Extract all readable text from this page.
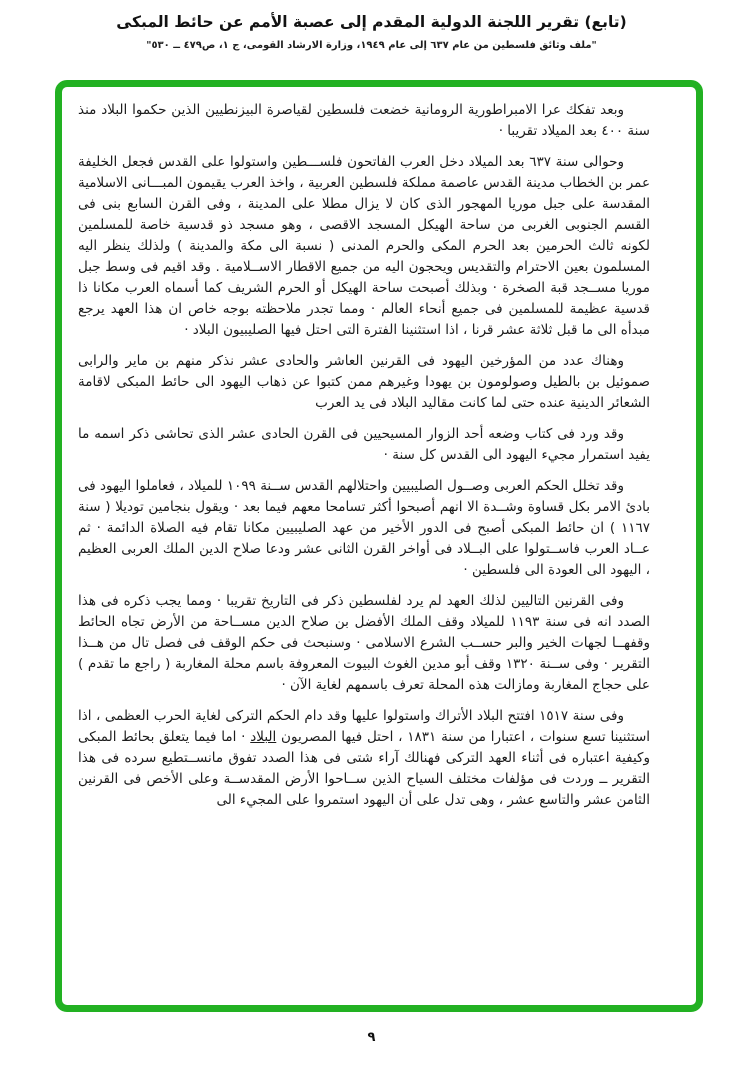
(تابع) تقرير اللجنة الدولية المقدم إلى عصبة الأمم عن حائط المبكى
"ملف وثائق فلسطين من عام ٦٣٧ إلى عام ١٩٤٩، وزارة الارشاد القومى، ج ١، ص٤٧٩ ــ ٥٣٠"

وبعد تفكك عرا الامبراطورية الرومانية خضعت فلسطين لقياصرة البيزنطيين الذين حكموا البلاد منذ سنة ٤٠٠ بعد الميلاد تقريبا ·

وحوالى سنة ٦٣٧ بعد الميلاد دخل العرب الفاتحون فلســـطين واستولوا على القدس فجعل الخليفة عمر بن الخطاب مدينة القدس عاصمة مملكة فلسطين العربية ، واخذ العرب يقيمون المبـــانى الاسلامية المقدسة على جبل موريا المهجور الذى كان لا يزال مطلا على المدينة ، وفى القرن السابع بنى فى القسم الجنوبى الغربى من ساحة الهيكل المسجد الاقصى ، وهو مسجد ذو قدسية خاصة للمسلمين لكونه ثالث الحرمين بعد الحرم المكى والحرم المدنى ( نسبة الى مكة والمدينة ) ولذلك ينظر اليه المسلمون بعين الاحترام والتقديس ويحجون اليه من جميع الاقطار الاســلامية . وقد اقيم فى وسط جبل موريا مســجد قبة الصخرة · وبذلك أصبحت ساحة الهيكل أو الحرم الشريف كما أسماه العرب مكانا ذا قدسية عظيمة للمسلمين فى جميع أنحاء العالم · ومما تجدر ملاحظته بوجه خاص ان هذا العهد يرجع مبدأه الى ما قبل ثلاثة عشر قرنا ، اذا استثنينا الفترة التى احتل فيها الصليبيون البلاد ·

وهناك عدد من المؤرخين اليهود فى القرنين العاشر والحادى عشر نذكر منهم بن ماير والرابى صموئيل بن بالطيل وصولومون بن يهودا وغيرهم ممن كتبوا عن ذهاب اليهود الى حائط المبكى لاقامة الشعائر الدينية عنده حتى لما كانت مقاليد البلاد فى يد العرب

وقد ورد فى كتاب وضعه أحد الزوار المسيحيين فى القرن الحادى عشر الذى تحاشى ذكر اسمه ما يفيد استمرار مجيء اليهود الى القدس كل سنة ·

وقد تخلل الحكم العربى وصــول الصليبيين واحتلالهم القدس ســنة ١٠٩٩ للميلاد ، فعاملوا اليهود فى بادئ الامر بكل قساوة وشــدة الا انهم أصبحوا أكثر تسامحا معهم فيما بعد · ويقول بنجامين توديلا ( سنة ١١٦٧ ) ان حائط المبكى أصبح فى الدور الأخير من عهد الصليبيين مكانا تقام فيه الصلاة الدائمة · ثم عــاد العرب فاســتولوا على البــلاد فى أواخر القرن الثانى عشر ودعا صلاح الدين الملك العربى العظيم ، اليهود الى العودة الى فلسطين ·

وفى القرنين التاليين لذلك العهد لم يرد لفلسطين ذكر فى التاريخ تقريبا · ومما يجب ذكره فى هذا الصدد انه فى سنة ١١٩٣ للميلاد وقف الملك الأفضل بن صلاح الدين مســاحة من الأرض تجاه الحائط وقفهــا لجهات الخير والبر حســب الشرع الاسلامى · وسنبحث فى حكم الوقف فى فصل تال من هــذا التقرير · وفى ســنة ١٣٢٠ وقف أبو مدين الغوث البيوت المعروفة باسم محلة المغاربة ( راجع ما تقدم ) على حجاج المغاربة ومازالت هذه المحلة تعرف باسمهم لغاية الآن ·

وفى سنة ١٥١٧ افتتح البلاد الأتراك واستولوا عليها وقد دام الحكم التركى لغاية الحرب العظمى ، اذا استثنينا تسع سنوات ، اعتبارا من سنة ١٨٣١ ، احتل فيها المصريون البلاد · اما فيما يتعلق بحائط المبكى وكيفية اعتباره فى أثناء العهد التركى فهنالك آراء شتى فى هذا الصدد تفوق مانســتطيع سرده فى هذا التقرير ــ وردت فى مؤلفات مختلف السياح الذين ســاحوا الأرض المقدســة وعلى الأخص فى القرنين الثامن عشر والتاسع عشر ، وهى تدل على أن اليهود استمروا على المجيء الى

٩
